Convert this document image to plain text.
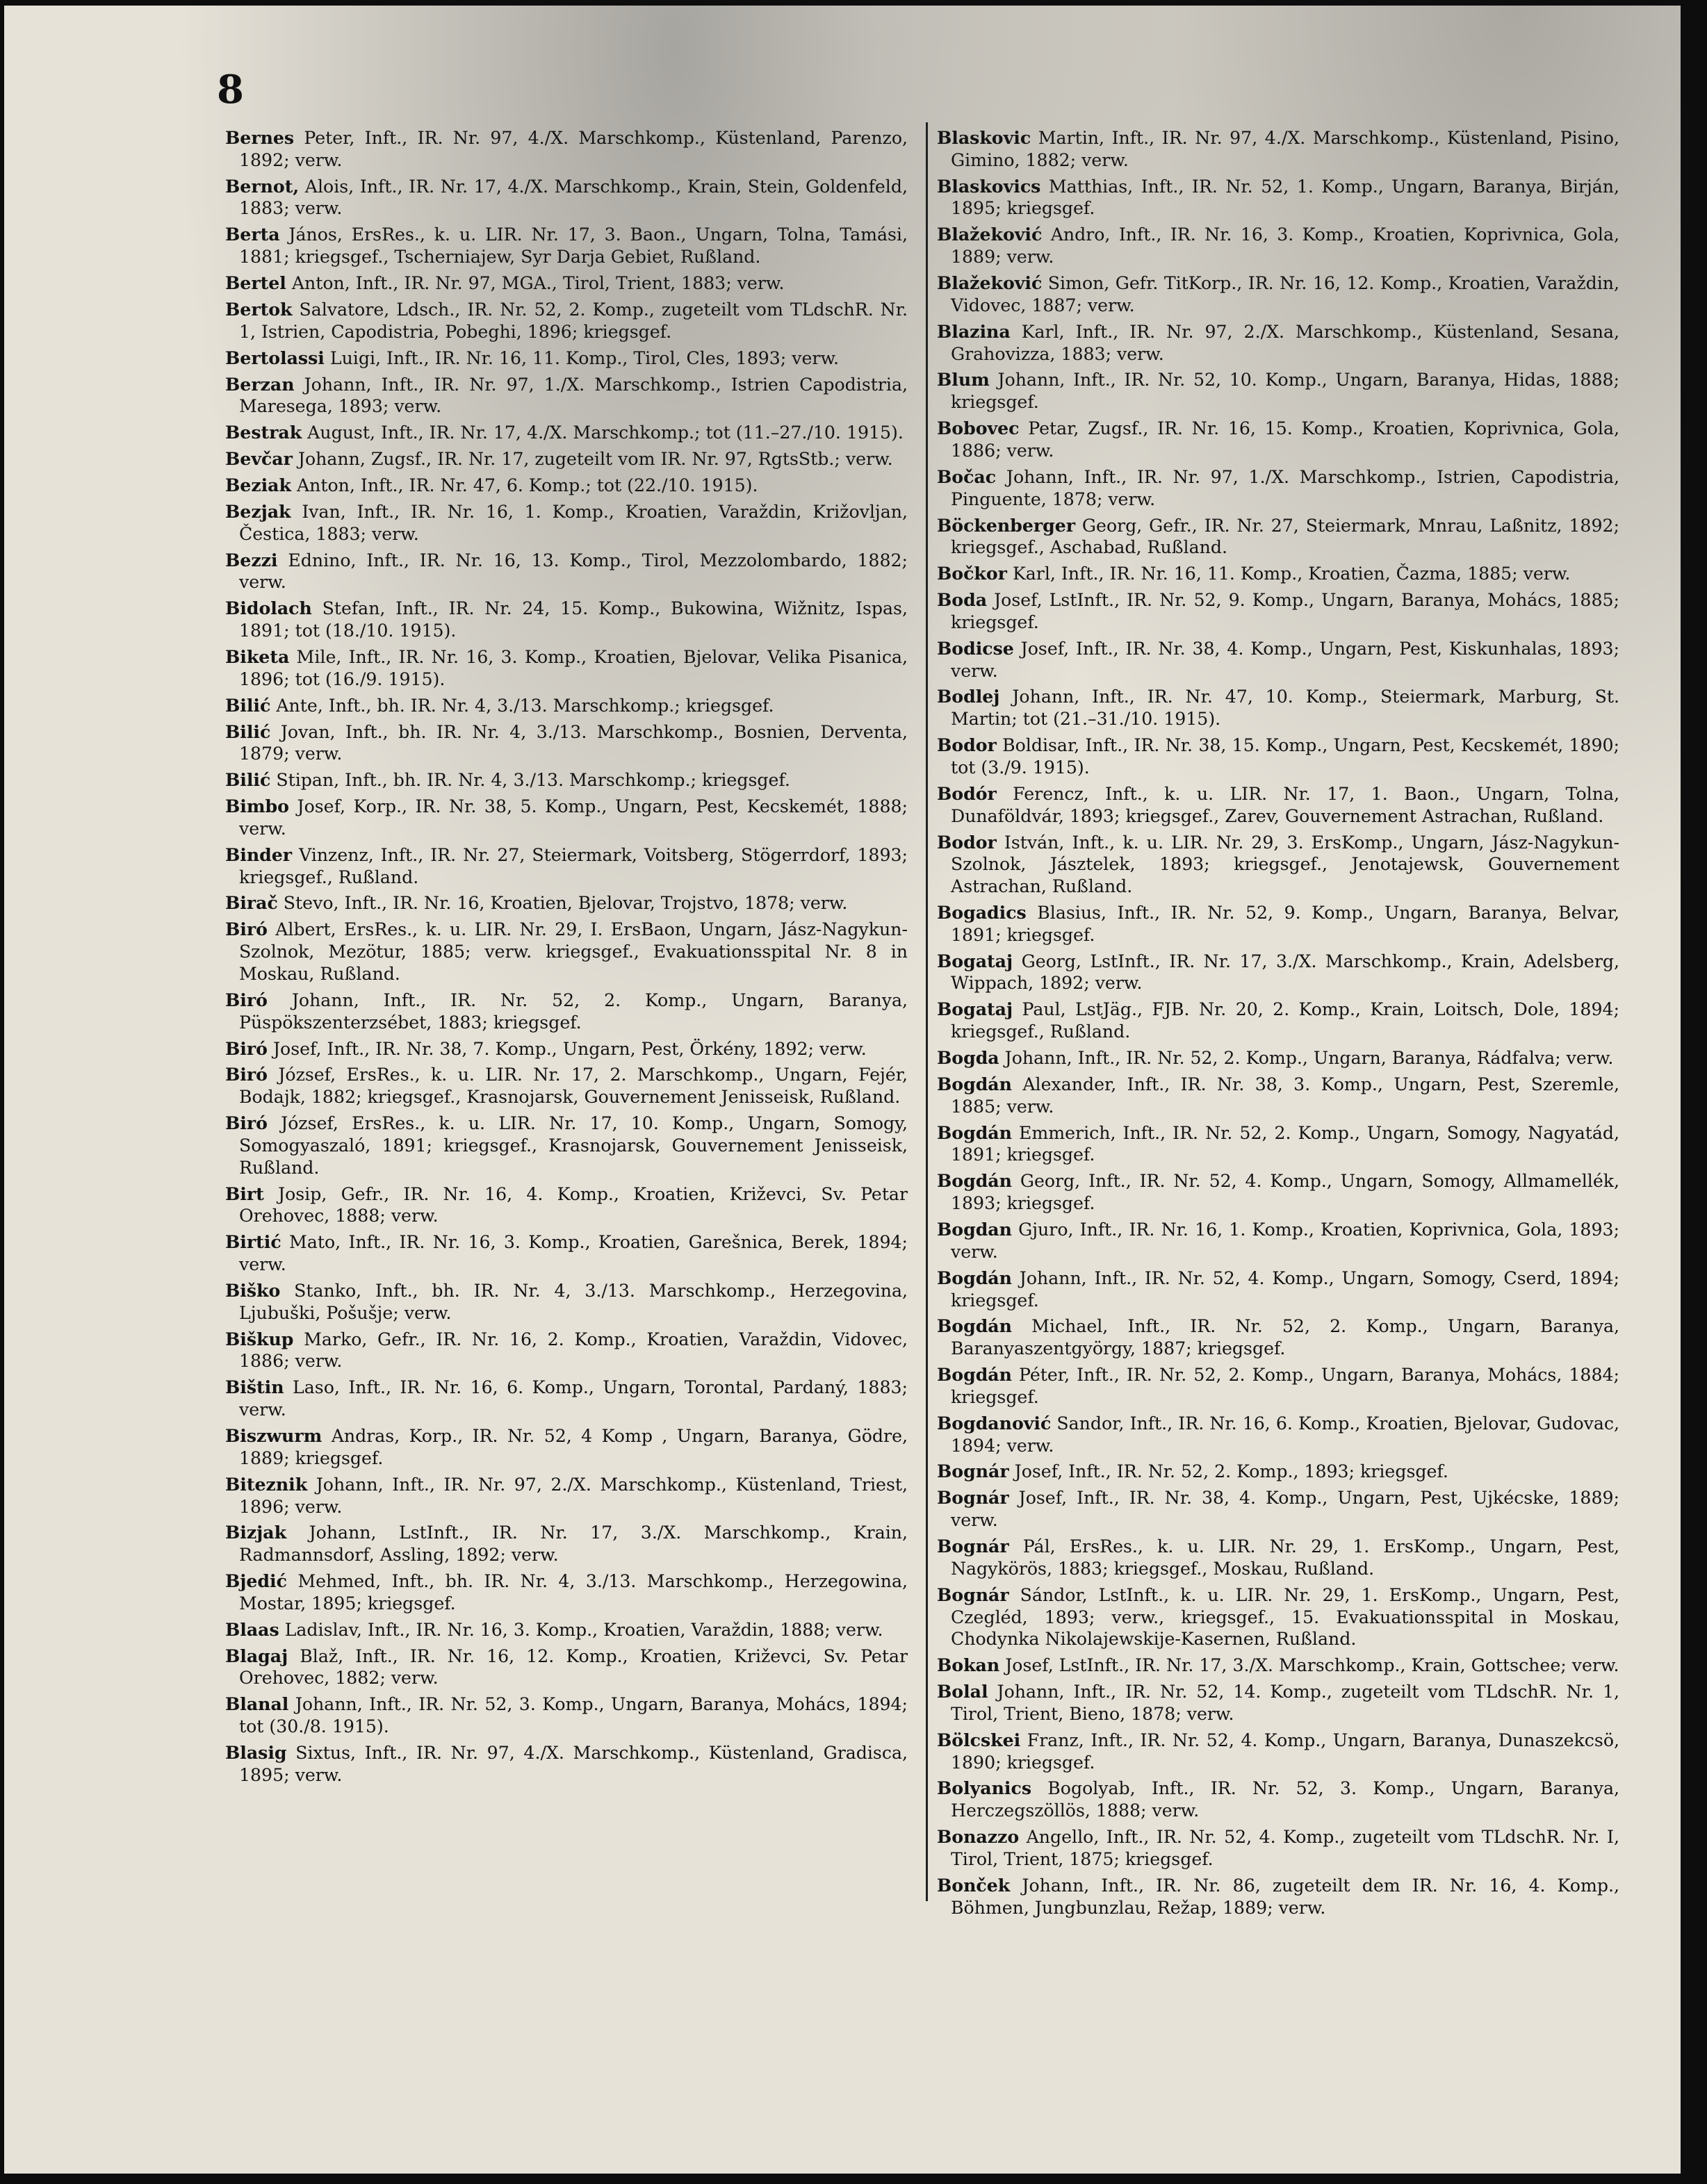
8

Bernes Peter, Inft., IR. Nr. 97, 4./X. Marschkomp., Küstenland, Parenzo, 1892; verw.

Bernot, Alois, Inft., IR. Nr. 17, 4./X. Marschkomp., Krain, Stein, Goldenfeld, 1883; verw.

Berta János, ErsRes., k. u. LIR. Nr. 17, 3. Baon., Ungarn, Tolna, Tamási, 1881; kriegsgef., Tscherniajew, Syr Darja Gebiet, Rußland.

Bertel Anton, Inft., IR. Nr. 97, MGA., Tirol, Trient, 1883; verw.

Bertok Salvatore, Ldsch., IR. Nr. 52, 2. Komp., zugeteilt vom TLdschR. Nr. 1, Istrien, Capodistria, Pobeghi, 1896; kriegsgef.

Bertolassi Luigi, Inft., IR. Nr. 16, 11. Komp., Tirol, Cles, 1893; verw.

Berzan Johann, Inft., IR. Nr. 97, 1./X. Marschkomp., Istrien Capodistria, Maresega, 1893; verw.

Bestrak August, Inft., IR. Nr. 17, 4./X. Marschkomp.; tot (11.–27./10. 1915).

Bevčar Johann, Zugsf., IR. Nr. 17, zugeteilt vom IR. Nr. 97, RgtsStb.; verw.

Beziak Anton, Inft., IR. Nr. 47, 6. Komp.; tot (22./10. 1915).

Bezjak Ivan, Inft., IR. Nr. 16, 1. Komp., Kroatien, Varaždin, Križovljan, Čestica, 1883; verw.

Bezzi Ednino, Inft., IR. Nr. 16, 13. Komp., Tirol, Mezzolombardo, 1882; verw.

Bidolach Stefan, Inft., IR. Nr. 24, 15. Komp., Bukowina, Wižnitz, Ispas, 1891; tot (18./10. 1915).

Biketa Mile, Inft., IR. Nr. 16, 3. Komp., Kroatien, Bjelovar, Velika Pisanica, 1896; tot (16./9. 1915).

Bilić Ante, Inft., bh. IR. Nr. 4, 3./13. Marschkomp.; kriegsgef.

Bilić Jovan, Inft., bh. IR. Nr. 4, 3./13. Marschkomp., Bosnien, Derventa, 1879; verw.

Bilić Stipan, Inft., bh. IR. Nr. 4, 3./13. Marschkomp.; kriegsgef.

Bimbo Josef, Korp., IR. Nr. 38, 5. Komp., Ungarn, Pest, Kecskemét, 1888; verw.

Binder Vinzenz, Inft., IR. Nr. 27, Steiermark, Voitsberg, Stögerrdorf, 1893; kriegsgef., Rußland.

Birač Stevo, Inft., IR. Nr. 16, Kroatien, Bjelovar, Trojstvo, 1878; verw.

Biró Albert, ErsRes., k. u. LIR. Nr. 29, I. ErsBaon, Ungarn, Jász-Nagykun-Szolnok, Mezötur, 1885; verw. kriegsgef., Evakuationsspital Nr. 8 in Moskau, Rußland.

Biró Johann, Inft., IR. Nr. 52, 2. Komp., Ungarn, Baranya, Püspökszenterzsébet, 1883; kriegsgef.

Biró Josef, Inft., IR. Nr. 38, 7. Komp., Ungarn, Pest, Örkény, 1892; verw.

Biró József, ErsRes., k. u. LIR. Nr. 17, 2. Marschkomp., Ungarn, Fejér, Bodajk, 1882; kriegsgef., Krasnojarsk, Gouvernement Jenisseisk, Rußland.

Biró József, ErsRes., k. u. LIR. Nr. 17, 10. Komp., Ungarn, Somogy, Somogyaszaló, 1891; kriegsgef., Krasnojarsk, Gouvernement Jenisseisk, Rußland.

Birt Josip, Gefr., IR. Nr. 16, 4. Komp., Kroatien, Križevci, Sv. Petar Orehovec, 1888; verw.

Birtić Mato, Inft., IR. Nr. 16, 3. Komp., Kroatien, Garešnica, Berek, 1894; verw.

Biško Stanko, Inft., bh. IR. Nr. 4, 3./13. Marschkomp., Herzegovina, Ljubuški, Pošušje; verw.

Biškup Marko, Gefr., IR. Nr. 16, 2. Komp., Kroatien, Varaždin, Vidovec, 1886; verw.

Bištin Laso, Inft., IR. Nr. 16, 6. Komp., Ungarn, Torontal, Pardaný, 1883; verw.

Biszwurm Andras, Korp., IR. Nr. 52, 4 Komp , Ungarn, Baranya, Gödre, 1889; kriegsgef.

Biteznik Johann, Inft., IR. Nr. 97, 2./X. Marschkomp., Küstenland, Triest, 1896; verw.

Bizjak Johann, LstInft., IR. Nr. 17, 3./X. Marschkomp., Krain, Radmannsdorf, Assling, 1892; verw.

Bjedić Mehmed, Inft., bh. IR. Nr. 4, 3./13. Marschkomp., Herzegowina, Mostar, 1895; kriegsgef.

Blaas Ladislav, Inft., IR. Nr. 16, 3. Komp., Kroatien, Varaždin, 1888; verw.

Blagaj Blaž, Inft., IR. Nr. 16, 12. Komp., Kroatien, Križevci, Sv. Petar Orehovec, 1882; verw.

Blanal Johann, Inft., IR. Nr. 52, 3. Komp., Ungarn, Baranya, Mohács, 1894; tot (30./8. 1915).

Blasig Sixtus, Inft., IR. Nr. 97, 4./X. Marschkomp., Küstenland, Gradisca, 1895; verw.

Blaskovic Martin, Inft., IR. Nr. 97, 4./X. Marschkomp., Küstenland, Pisino, Gimino, 1882; verw.

Blaskovics Matthias, Inft., IR. Nr. 52, 1. Komp., Ungarn, Baranya, Birján, 1895; kriegsgef.

Blažeković Andro, Inft., IR. Nr. 16, 3. Komp., Kroatien, Koprivnica, Gola, 1889; verw.

Blažeković Simon, Gefr. TitKorp., IR. Nr. 16, 12. Komp., Kroatien, Varaždin, Vidovec, 1887; verw.

Blazina Karl, Inft., IR. Nr. 97, 2./X. Marschkomp., Küstenland, Sesana, Grahovizza, 1883; verw.

Blum Johann, Inft., IR. Nr. 52, 10. Komp., Ungarn, Baranya, Hidas, 1888; kriegsgef.

Bobovec Petar, Zugsf., IR. Nr. 16, 15. Komp., Kroatien, Koprivnica, Gola, 1886; verw.

Bočac Johann, Inft., IR. Nr. 97, 1./X. Marschkomp., Istrien, Capodistria, Pinguente, 1878; verw.

Böckenberger Georg, Gefr., IR. Nr. 27, Steiermark, Mnrau, Laßnitz, 1892; kriegsgef., Aschabad, Rußland.

Bočkor Karl, Inft., IR. Nr. 16, 11. Komp., Kroatien, Čazma, 1885; verw.

Boda Josef, LstInft., IR. Nr. 52, 9. Komp., Ungarn, Baranya, Mohács, 1885; kriegsgef.

Bodicse Josef, Inft., IR. Nr. 38, 4. Komp., Ungarn, Pest, Kiskunhalas, 1893; verw.

Bodlej Johann, Inft., IR. Nr. 47, 10. Komp., Steiermark, Marburg, St. Martin; tot (21.–31./10. 1915).

Bodor Boldisar, Inft., IR. Nr. 38, 15. Komp., Ungarn, Pest, Kecskemét, 1890; tot (3./9. 1915).

Bodór Ferencz, Inft., k. u. LIR. Nr. 17, 1. Baon., Ungarn, Tolna, Dunaföldvár, 1893; kriegsgef., Zarev, Gouvernement Astrachan, Rußland.

Bodor István, Inft., k. u. LIR. Nr. 29, 3. ErsKomp., Ungarn, Jász-Nagykun-Szolnok, Jásztelek, 1893; kriegsgef., Jenotajewsk, Gouvernement Astrachan, Rußland.

Bogadics Blasius, Inft., IR. Nr. 52, 9. Komp., Ungarn, Baranya, Belvar, 1891; kriegsgef.

Bogataj Georg, LstInft., IR. Nr. 17, 3./X. Marschkomp., Krain, Adelsberg, Wippach, 1892; verw.

Bogataj Paul, LstJäg., FJB. Nr. 20, 2. Komp., Krain, Loitsch, Dole, 1894; kriegsgef., Rußland.

Bogda Johann, Inft., IR. Nr. 52, 2. Komp., Ungarn, Baranya, Rádfalva; verw.

Bogdán Alexander, Inft., IR. Nr. 38, 3. Komp., Ungarn, Pest, Szeremle, 1885; verw.

Bogdán Emmerich, Inft., IR. Nr. 52, 2. Komp., Ungarn, Somogy, Nagyatád, 1891; kriegsgef.

Bogdán Georg, Inft., IR. Nr. 52, 4. Komp., Ungarn, Somogy, Allmamellék, 1893; kriegsgef.

Bogdan Gjuro, Inft., IR. Nr. 16, 1. Komp., Kroatien, Koprivnica, Gola, 1893; verw.

Bogdán Johann, Inft., IR. Nr. 52, 4. Komp., Ungarn, Somogy, Cserd, 1894; kriegsgef.

Bogdán Michael, Inft., IR. Nr. 52, 2. Komp., Ungarn, Baranya, Baranyaszentgyörgy, 1887; kriegsgef.

Bogdán Péter, Inft., IR. Nr. 52, 2. Komp., Ungarn, Baranya, Mohács, 1884; kriegsgef.

Bogdanović Sandor, Inft., IR. Nr. 16, 6. Komp., Kroatien, Bjelovar, Gudovac, 1894; verw.

Bognár Josef, Inft., IR. Nr. 52, 2. Komp., 1893; kriegsgef.

Bognár Josef, Inft., IR. Nr. 38, 4. Komp., Ungarn, Pest, Ujkécske, 1889; verw.

Bognár Pál, ErsRes., k. u. LIR. Nr. 29, 1. ErsKomp., Ungarn, Pest, Nagykörös, 1883; kriegsgef., Moskau, Rußland.

Bognár Sándor, LstInft., k. u. LIR. Nr. 29, 1. ErsKomp., Ungarn, Pest, Czegléd, 1893; verw., kriegsgef., 15. Evakuationsspital in Moskau, Chodynka Nikolajewskije-Kasernen, Rußland.

Bokan Josef, LstInft., IR. Nr. 17, 3./X. Marschkomp., Krain, Gottschee; verw.

Bolal Johann, Inft., IR. Nr. 52, 14. Komp., zugeteilt vom TLdschR. Nr. 1, Tirol, Trient, Bieno, 1878; verw.

Bölcskei Franz, Inft., IR. Nr. 52, 4. Komp., Ungarn, Baranya, Dunaszekcsö, 1890; kriegsgef.

Bolyanics Bogolyab, Inft., IR. Nr. 52, 3. Komp., Ungarn, Baranya, Herczegszöllös, 1888; verw.

Bonazzo Angello, Inft., IR. Nr. 52, 4. Komp., zugeteilt vom TLdschR. Nr. I, Tirol, Trient, 1875; kriegsgef.

Bonček Johann, Inft., IR. Nr. 86, zugeteilt dem IR. Nr. 16, 4. Komp., Böhmen, Jungbunzlau, Režap, 1889; verw.
